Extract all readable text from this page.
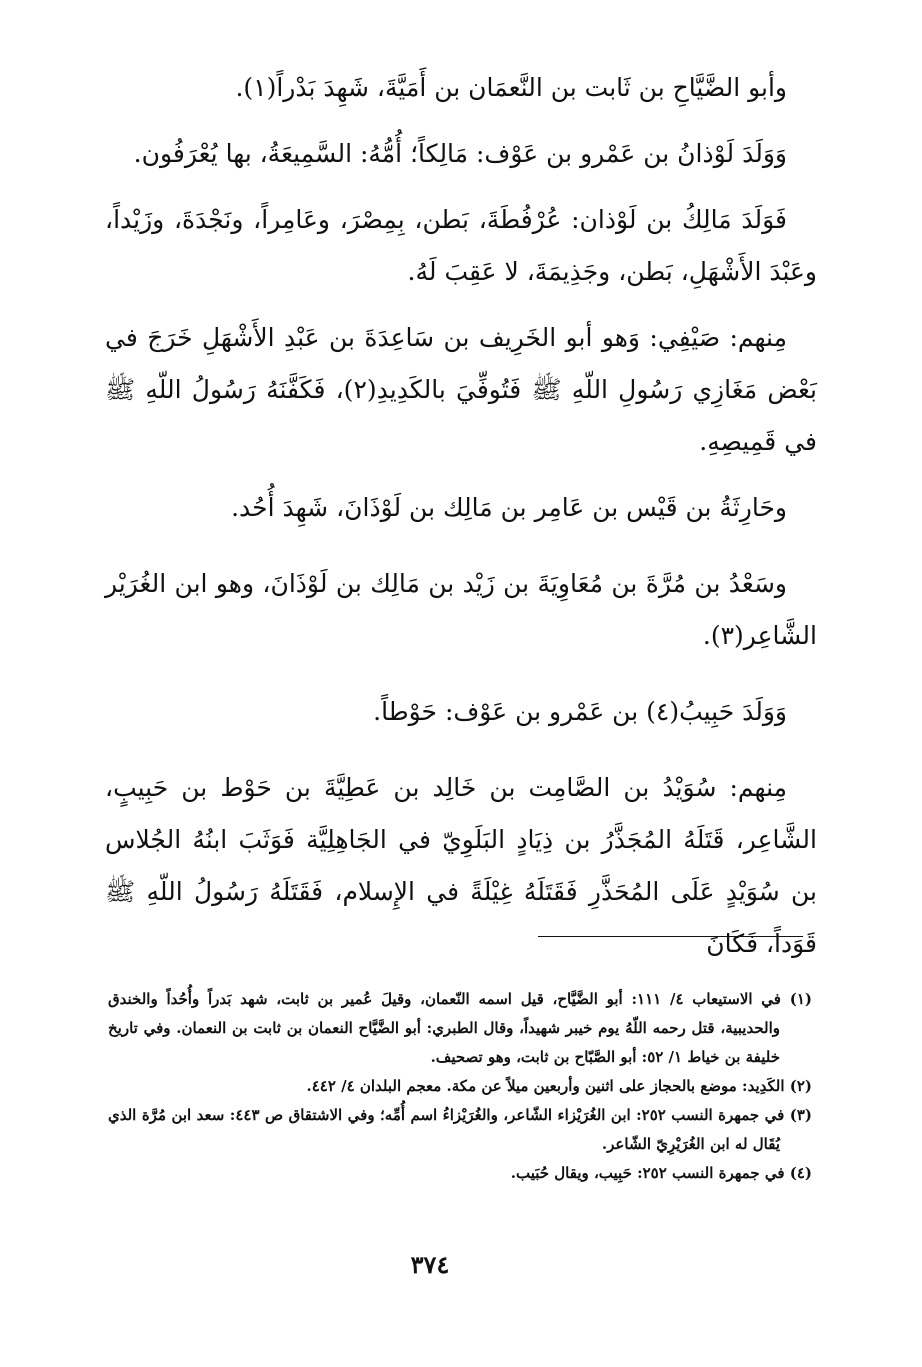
وأبو الضَّيَّاحِ بن ثَابت بن النَّعمَان بن أَمَيَّةَ، شَهِدَ بَدْراً(١).

وَوَلَدَ لَوْذانُ بن عَمْرو بن عَوْف: مَالِكاً؛ أُمُّهُ: السَّمِيعَةُ، بها يُعْرَفُون.

فَوَلَدَ مَالِكُ بن لَوْذان: عُرْفُطَةَ، بَطن، بِمِصْرَ، وعَامِراً، ونَجْدَةَ، وزَيْداً، وعَبْدَ الأَشْهَلِ، بَطن، وجَذِيمَةَ، لا عَقِبَ لَهُ.

مِنهم: صَيْفِي: وَهو أبو الخَرِيف بن سَاعِدَةَ بن عَبْدِ الأَشْهَلِ خَرَجَ في بَعْض مَغَازِي رَسُولِ اللّهِ ﷺ فَتُوفِّيَ بالكَدِيدِ(٢)، فَكَفَّنَهُ رَسُولُ اللّهِ ﷺ في قَمِيصِهِ.

وحَارِثَةُ بن قَيْس بن عَامِر بن مَالِك بن لَوْذَانَ، شَهِدَ أُحُد.

وسَعْدُ بن مُرَّةَ بن مُعَاوِيَةَ بن زَيْد بن مَالِك بن لَوْذَانَ، وهو ابن الغُرَيْر الشَّاعِر(٣).

وَوَلَدَ حَبِيبُ(٤) بن عَمْرو بن عَوْف: حَوْطاً.

مِنهم: سُوَيْدُ بن الصَّامِت بن خَالِد بن عَطِيَّةَ بن حَوْط بن حَبِيبٍ، الشَّاعِر، قَتَلَهُ المُجَذَّرُ بن ذِيَادٍ البَلَوِيّ في الجَاهِلِيَّة فَوَثَبَ ابنُهُ الجُلاس بن سُوَيْدٍ عَلَى المُحَذَّرِ فَقَتَلَهُ غِيْلَةً في الإِسلام، فَقَتَلَهُ رَسُولُ اللّهِ ﷺ قَوَداً، فَكَانَ

(١) في الاستيعاب ٤/ ١١١: أبو الضَّيَّاح، قيل اسمه النّعمان، وقيلَ عُمير بن ثابت، شهد بَدراً وأُحُداً والخندق والحديبية، قتل رحمه اللّهُ يوم خيبر شهيداً، وقال الطبري: أبو الضَّيَّاح النعمان بن ثابت بن النعمان. وفي تاريخ خليفة بن خياط ١/ ٥٢: أبو الصَّبّاح بن ثابت، وهو تصحيف.

(٢) الكَدِيد: موضع بالحجاز على اثنين وأربعين ميلاً عن مكة. معجم البلدان ٤/ ٤٤٢.

(٣) في جمهرة النسب ٢٥٢: ابن الغُرَيْزاء الشّاعر، والغُرَيْزاءُ اسم أُمِّه؛ وفي الاشتقاق ص ٤٤٣: سعد ابن مُرَّة الذي يُقَال له ابن الغُرَيْرِيّ الشّاعر.

(٤) في جمهرة النسب ٢٥٢: حَبِيب، ويقال حُبَيب.

٣٧٤
